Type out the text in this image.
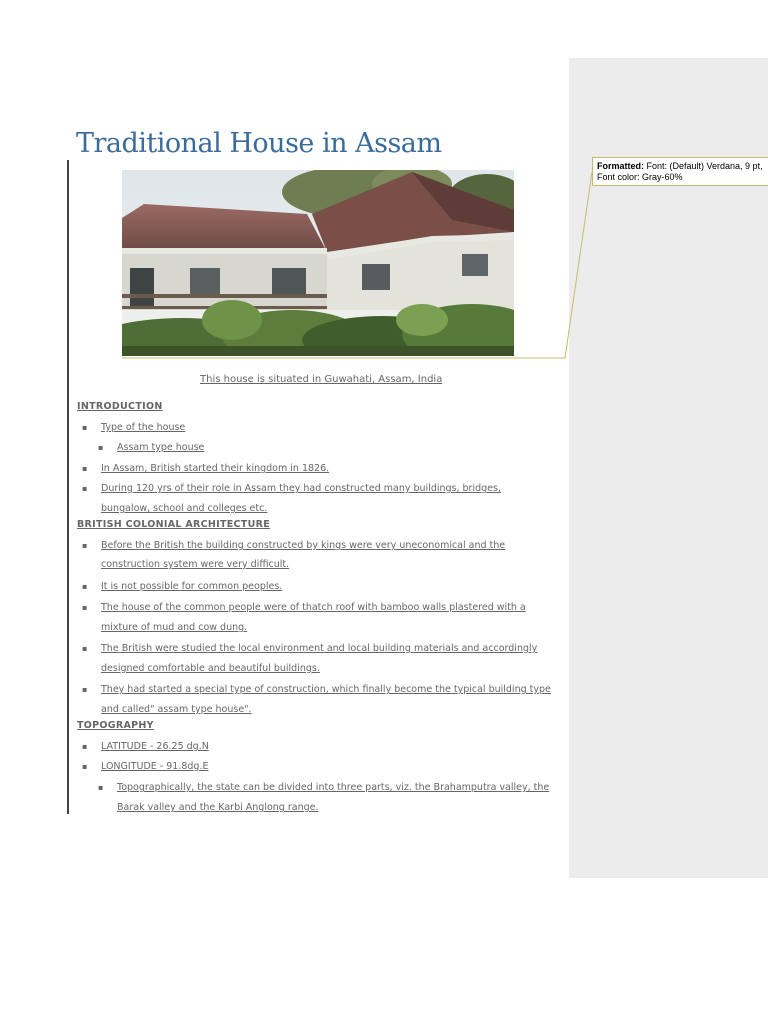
Traditional House in Assam
This house is situated in Guwahati, Assam, India
INTRODUCTION
▪ Type of the house
▪ Assam type house
▪ In Assam, British started their kingdom in 1826.
▪ During 120 yrs of their role in Assam they had constructed many buildings, bridges,
bungalow, school and colleges etc.
BRITISH COLONIAL ARCHITECTURE
▪ Before the British the building constructed by kings were very uneconomical and the
construction system were very difficult.
▪ It is not possible for common peoples.
▪ The house of the common people were of thatch roof with bamboo walls plastered with a
mixture of mud and cow dung.
▪ The British were studied the local environment and local building materials and accordingly
designed comfortable and beautiful buildings.
▪ They had started a special type of construction, which finally become the typical building type
and called" assam type house".
TOPOGRAPHY
▪ LATITUDE - 26.25 dg.N
▪ LONGITUDE - 91.8dg.E
▪ Topographically, the state can be divided into three parts, viz. the Brahamputra valley, the
Barak valley and the Karbi Anglong range.
Formatted: Font: (Default) Verdana, 9 pt,
Font color: Gray-60%
